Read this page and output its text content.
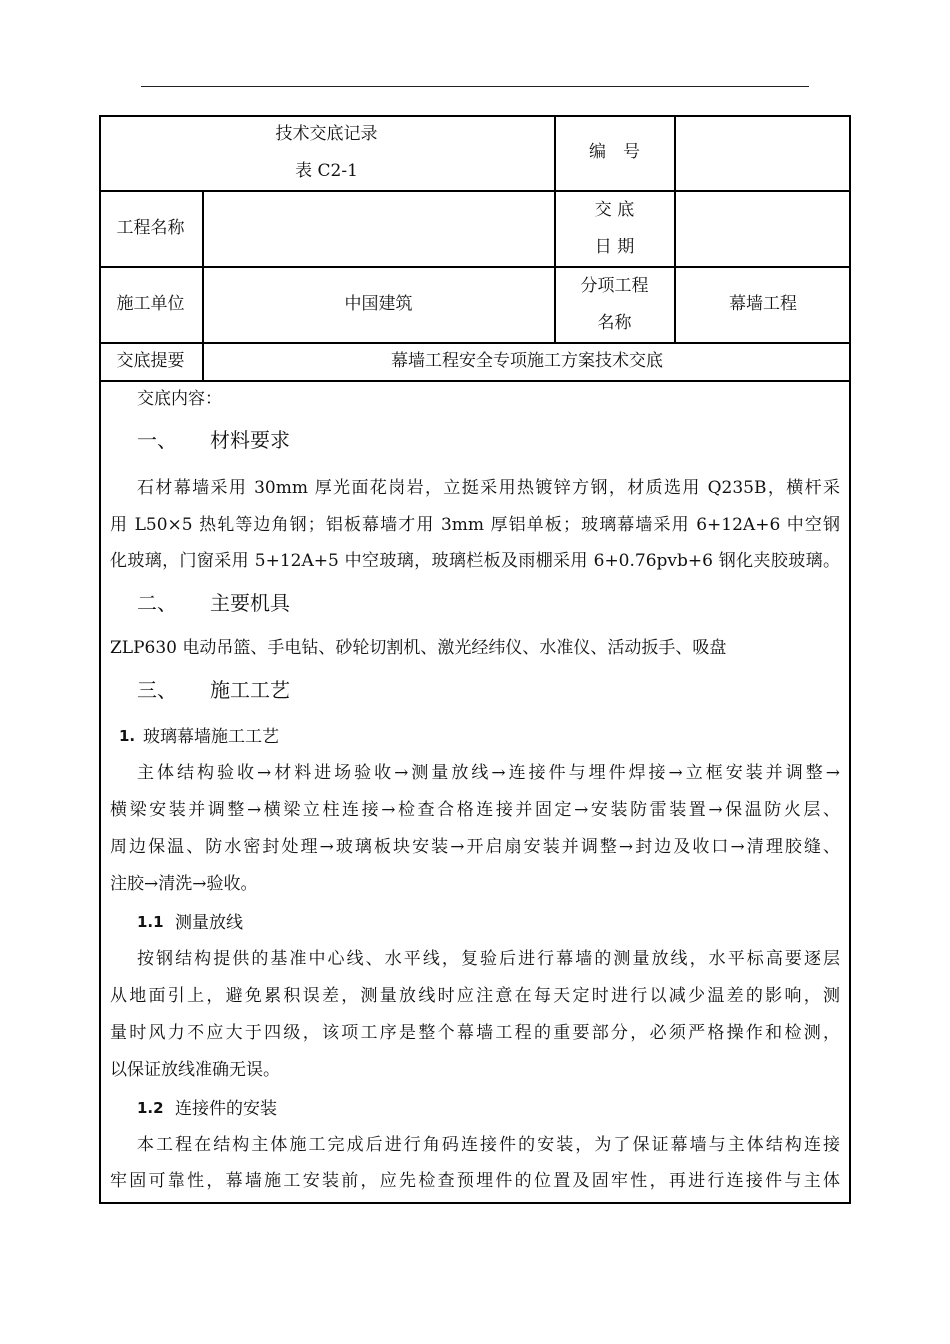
技术交底记录
表 C2-1
编　号
工程名称
交 底
日 期
施工单位	中国建筑
分项工程
名称
幕墙工程
交底提要	幕墙工程安全专项施工方案技术交底
交底内容：
一、 材料要求
石材幕墙采用 30mm 厚光面花岗岩，立挺采用热镀锌方钢，材质选用 Q235B，横杆采
用 L50×5 热轧等边角钢；铝板幕墙才用 3mm 厚铝单板；玻璃幕墙采用 6+12A+6 中空钢
化玻璃，门窗采用 5+12A+5 中空玻璃，玻璃栏板及雨棚采用 6+0.76pvb+6 钢化夹胶玻璃。
二、 主要机具
ZLP630 电动吊篮、手电钻、砂轮切割机、激光经纬仪、水准仪、活动扳手、吸盘
三、 施工工艺
1. 玻璃幕墙施工工艺
主体结构验收→材料进场验收→测量放线→连接件与埋件焊接→立框安装并调整→
横梁安装并调整→横梁立柱连接→检查合格连接并固定→安装防雷装置→保温防火层、
周边保温、防水密封处理→玻璃板块安装→开启扇安装并调整→封边及收口→清理胶缝、
注胶→清洗→验收。
1.1 测量放线
按钢结构提供的基准中心线、水平线，复验后进行幕墙的测量放线，水平标高要逐层
从地面引上，避免累积误差，测量放线时应注意在每天定时进行以减少温差的影响，测
量时风力不应大于四级，该项工序是整个幕墙工程的重要部分，必须严格操作和检测，
以保证放线准确无误。
1.2 连接件的安装
本工程在结构主体施工完成后进行角码连接件的安装，为了保证幕墙与主体结构连接
牢固可靠性，幕墙施工安装前，应先检查预埋件的位置及固牢性，再进行连接件与主体
